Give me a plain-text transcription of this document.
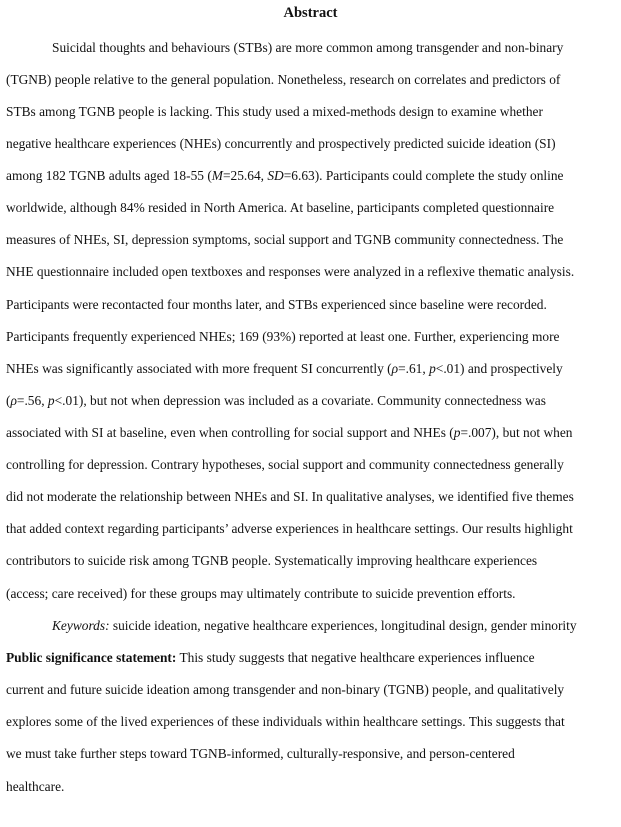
Abstract
Suicidal thoughts and behaviours (STBs) are more common among transgender and non-binary
(TGNB) people relative to the general population. Nonetheless, research on correlates and predictors of
STBs among TGNB people is lacking. This study used a mixed-methods design to examine whether
negative healthcare experiences (NHEs) concurrently and prospectively predicted suicide ideation (SI)
among 182 TGNB adults aged 18-55 (M=25.64, SD=6.63). Participants could complete the study online
worldwide, although 84% resided in North America. At baseline, participants completed questionnaire
measures of NHEs, SI, depression symptoms, social support and TGNB community connectedness. The
NHE questionnaire included open textboxes and responses were analyzed in a reflexive thematic analysis.
Participants were recontacted four months later, and STBs experienced since baseline were recorded.
Participants frequently experienced NHEs; 169 (93%) reported at least one. Further, experiencing more
NHEs was significantly associated with more frequent SI concurrently (ρ=.61, p<.01) and prospectively
(ρ=.56, p<.01), but not when depression was included as a covariate. Community connectedness was
associated with SI at baseline, even when controlling for social support and NHEs (p=.007), but not when
controlling for depression. Contrary hypotheses, social support and community connectedness generally
did not moderate the relationship between NHEs and SI. In qualitative analyses, we identified five themes
that added context regarding participants’ adverse experiences in healthcare settings. Our results highlight
contributors to suicide risk among TGNB people. Systematically improving healthcare experiences
(access; care received) for these groups may ultimately contribute to suicide prevention efforts.
Keywords: suicide ideation, negative healthcare experiences, longitudinal design, gender minority
Public significance statement: This study suggests that negative healthcare experiences influence
current and future suicide ideation among transgender and non-binary (TGNB) people, and qualitatively
explores some of the lived experiences of these individuals within healthcare settings. This suggests that
we must take further steps toward TGNB-informed, culturally-responsive, and person-centered
healthcare.
